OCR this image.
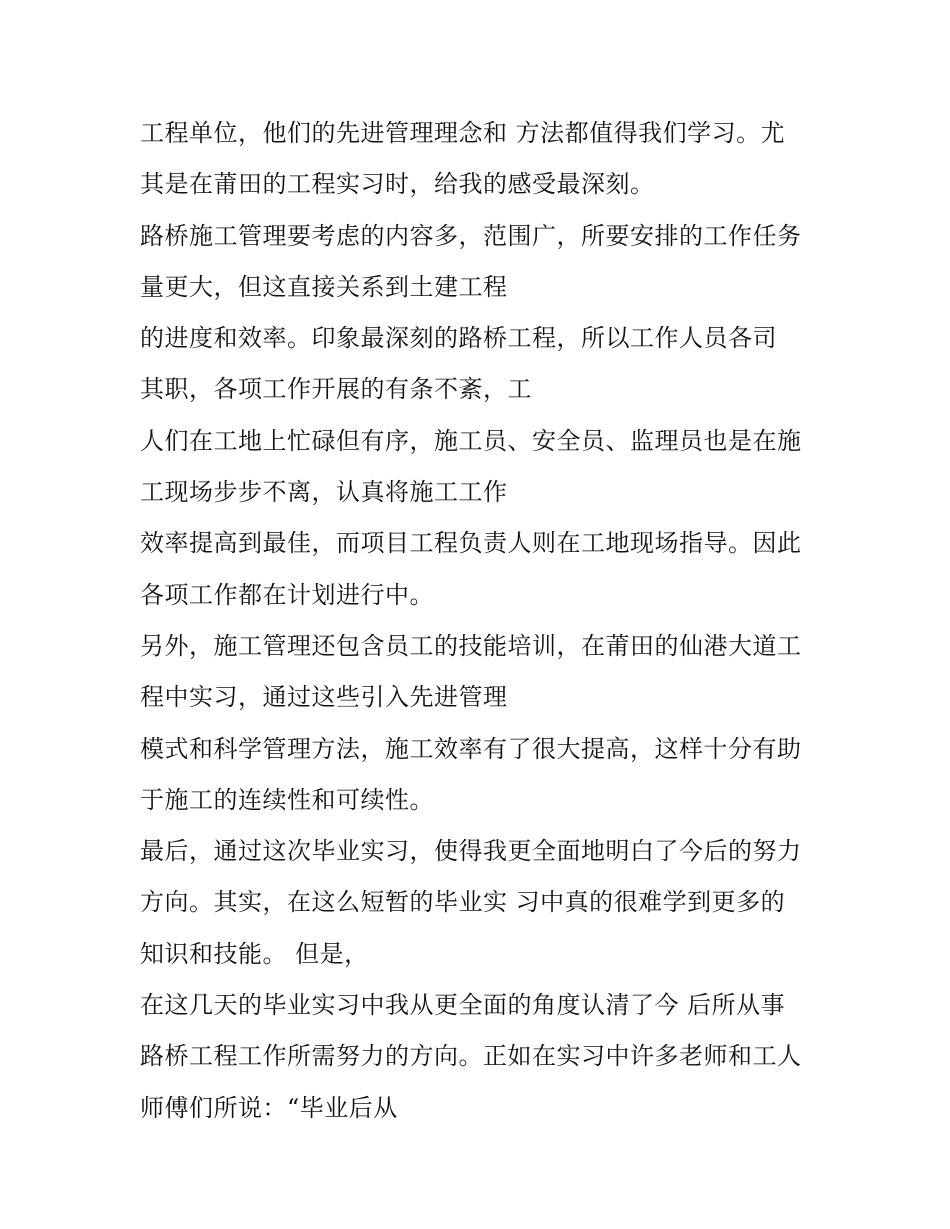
工程单位，他们的先进管理理念和 方法都值得我们学习。尤
其是在莆田的工程实习时，给我的感受最深刻。
路桥施工管理要考虑的内容多，范围广，所要安排的工作任务
量更大，但这直接关系到土建工程
的进度和效率。印象最深刻的路桥工程，所以工作人员各司
其职，各项工作开展的有条不紊，工
人们在工地上忙碌但有序，施工员、安全员、监理员也是在施
工现场步步不离，认真将施工工作
效率提高到最佳，而项目工程负责人则在工地现场指导。因此
各项工作都在计划进行中。
另外，施工管理还包含员工的技能培训，在莆田的仙港大道工
程中实习，通过这些引入先进管理
模式和科学管理方法，施工效率有了很大提高，这样十分有助
于施工的连续性和可续性。
最后，通过这次毕业实习，使得我更全面地明白了今后的努力
方向。其实，在这么短暂的毕业实 习中真的很难学到更多的
知识和技能。 但是，
在这几天的毕业实习中我从更全面的角度认清了今 后所从事
路桥工程工作所需努力的方向。正如在实习中许多老师和工人
师傅们所说：“毕业后从
